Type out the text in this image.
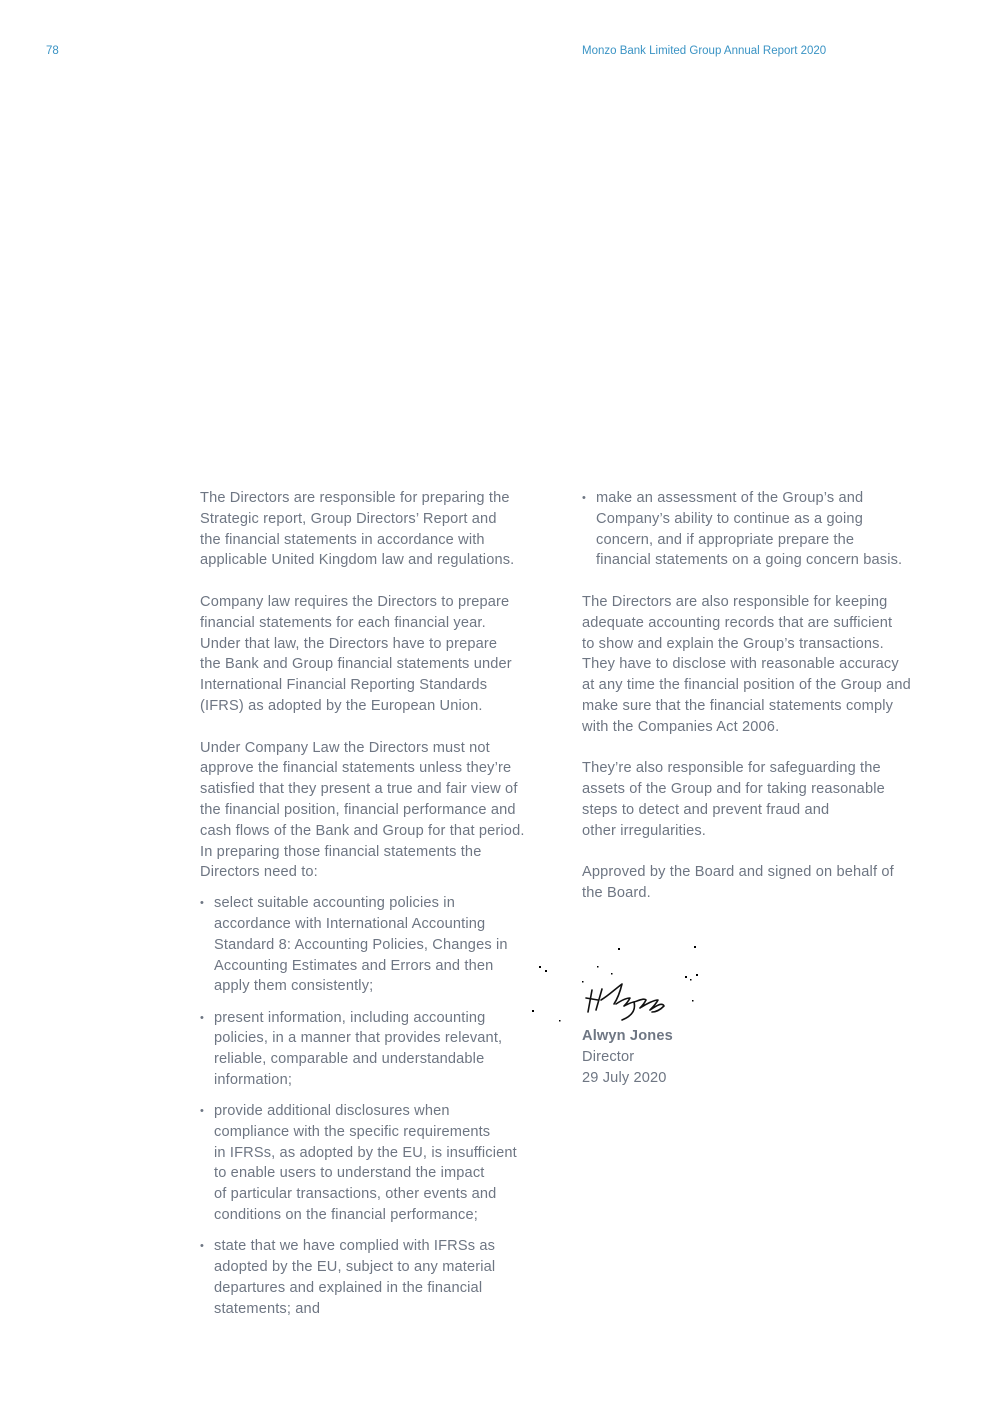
78	Monzo Bank Limited Group Annual Report 2020

The Directors are responsible for preparing the
Strategic report, Group Directors’ Report and
the financial statements in accordance with
applicable United Kingdom law and regulations.

Company law requires the Directors to prepare
financial statements for each financial year.
Under that law, the Directors have to prepare
the Bank and Group financial statements under
International Financial Reporting Standards
(IFRS) as adopted by the European Union.

Under Company Law the Directors must not
approve the financial statements unless they’re
satisfied that they present a true and fair view of
the financial position, financial performance and
cash flows of the Bank and Group for that period.
In preparing those financial statements the
Directors need to:

• select suitable accounting policies in
accordance with International Accounting
Standard 8: Accounting Policies, Changes in
Accounting Estimates and Errors and then
apply them consistently;
• present information, including accounting
policies, in a manner that provides relevant,
reliable, comparable and understandable
information;
• provide additional disclosures when
compliance with the specific requirements
in IFRSs, as adopted by the EU, is insufficient
to enable users to understand the impact
of particular transactions, other events and
conditions on the financial performance;
• state that we have complied with IFRSs as
adopted by the EU, subject to any material
departures and explained in the financial
statements; and
• make an assessment of the Group’s and
Company’s ability to continue as a going
concern, and if appropriate prepare the
financial statements on a going concern basis.

The Directors are also responsible for keeping
adequate accounting records that are sufficient
to show and explain the Group’s transactions.
They have to disclose with reasonable accuracy
at any time the financial position of the Group and
make sure that the financial statements comply
with the Companies Act 2006.

They’re also responsible for safeguarding the
assets of the Group and for taking reasonable
steps to detect and prevent fraud and
other irregularities.

Approved by the Board and signed on behalf of
the Board.

Alwyn Jones
Director
29 July 2020
